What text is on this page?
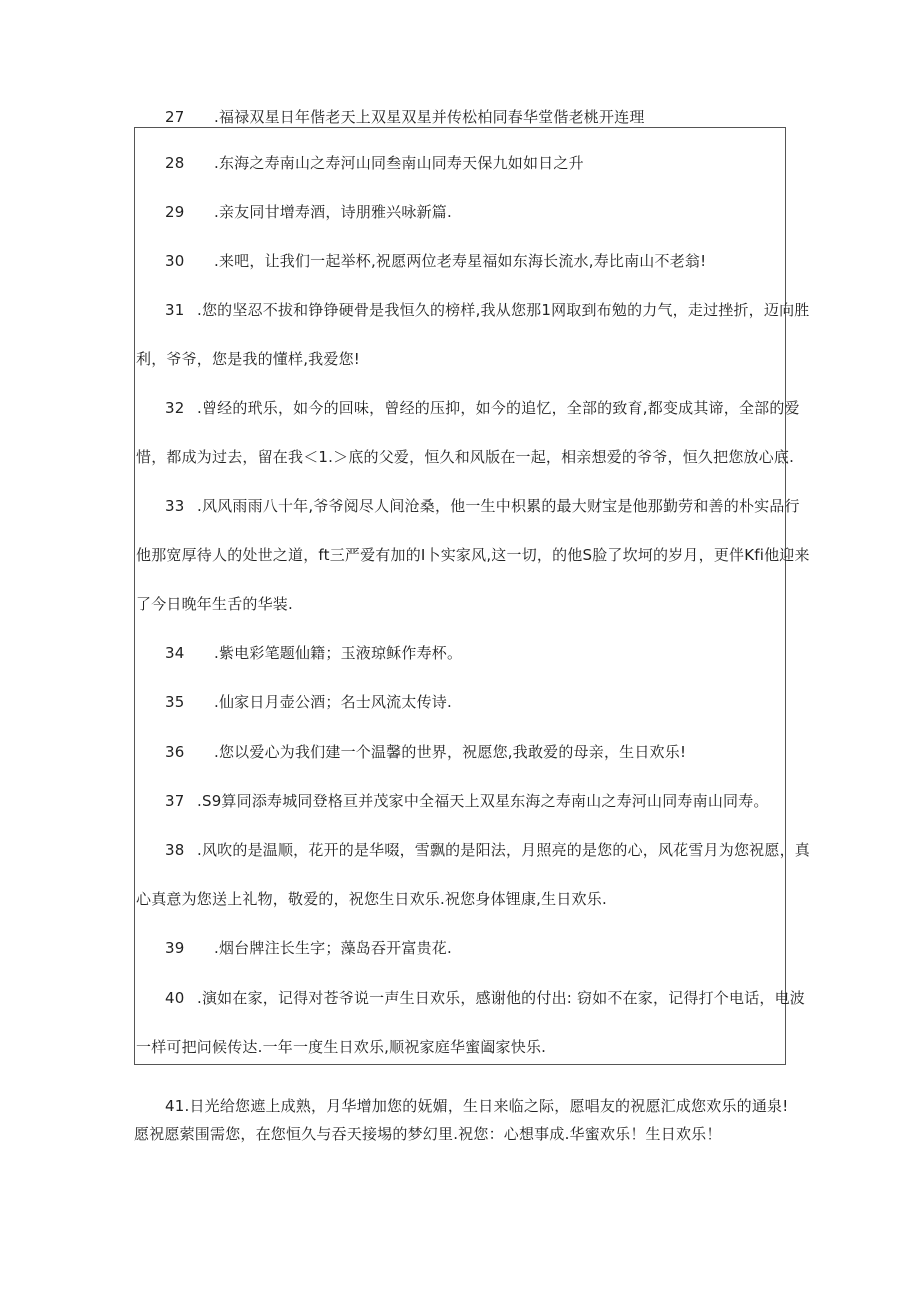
27	.福禄双星日年偕老天上双星双星并传松柏同春华堂偕老桃开连理
28	.东海之寿南山之寿河山同叁南山同寿天保九如如日之升
29	.亲友同甘增寿酒，诗朋雅兴咏新篇.
30	.来吧，让我们一起举杯,祝愿两位老寿星福如东海长流水,寿比南山不老翁!
31 .您的坚忍不拔和铮铮硬骨是我恒久的榜样,我从您那1网取到布勉的力气，走过挫折，迈向胜
利，爷爷，您是我的懂样,我爱您!
32 .曾经的玳乐，如今的回味，曾经的压抑，如今的追忆，全部的致育,都变成其谛，全部的爱
惜，都成为过去，留在我＜1.＞底的父爱，恒久和风版在一起，相亲想爱的爷爷，恒久把您放心底.
33 .风风雨雨八十年,爷爷阅尽人间沧桑，他一生中枳累的最大财宝是他那勤劳和善的朴实品行
他那宽厚待人的处世之道，ft三严爱有加的I卜实家风,这一切，的他S脸了坎坷的岁月，更伴Kfi他迎来
了今日晚年生舌的华装.
34	.紫电彩笔题仙籍；玉液琼稣作寿杯。
35	.仙家日月壶公酒；名士风流太传诗.
36	.您以爱心为我们建一个温馨的世界，祝愿您,我敢爱的母亲，生日欢乐!
37 .S9算同添寿城同登格亘并茂家中全福天上双星东海之寿南山之寿河山同寿南山同寿。
38 .风吹的是温顺，花开的是华啜，雪飘的是阳法，月照亮的是您的心，风花雪月为您祝愿，真
心真意为您送上礼物，敬爱的，祝您生日欢乐.祝您身体锂康,生日欢乐.
39	.烟台牌注长生字；藻岛吞开富贵花.
40 .演如在家，记得对苍爷说一声生日欢乐，感谢他的付出: 窃如不在家，记得打个电话，电波
一样可把问候传达.一年一度生日欢乐,顺祝家庭华蜜阖家快乐.
41.日光给您遮上成熟，月华增加您的妩媚，生日来临之际，愿唱友的祝愿汇成您欢乐的通泉!
愿祝愿萦围需您，在您恒久与吞天接埸的梦幻里.祝您：心想事成.华蜜欢乐！生日欢乐！
